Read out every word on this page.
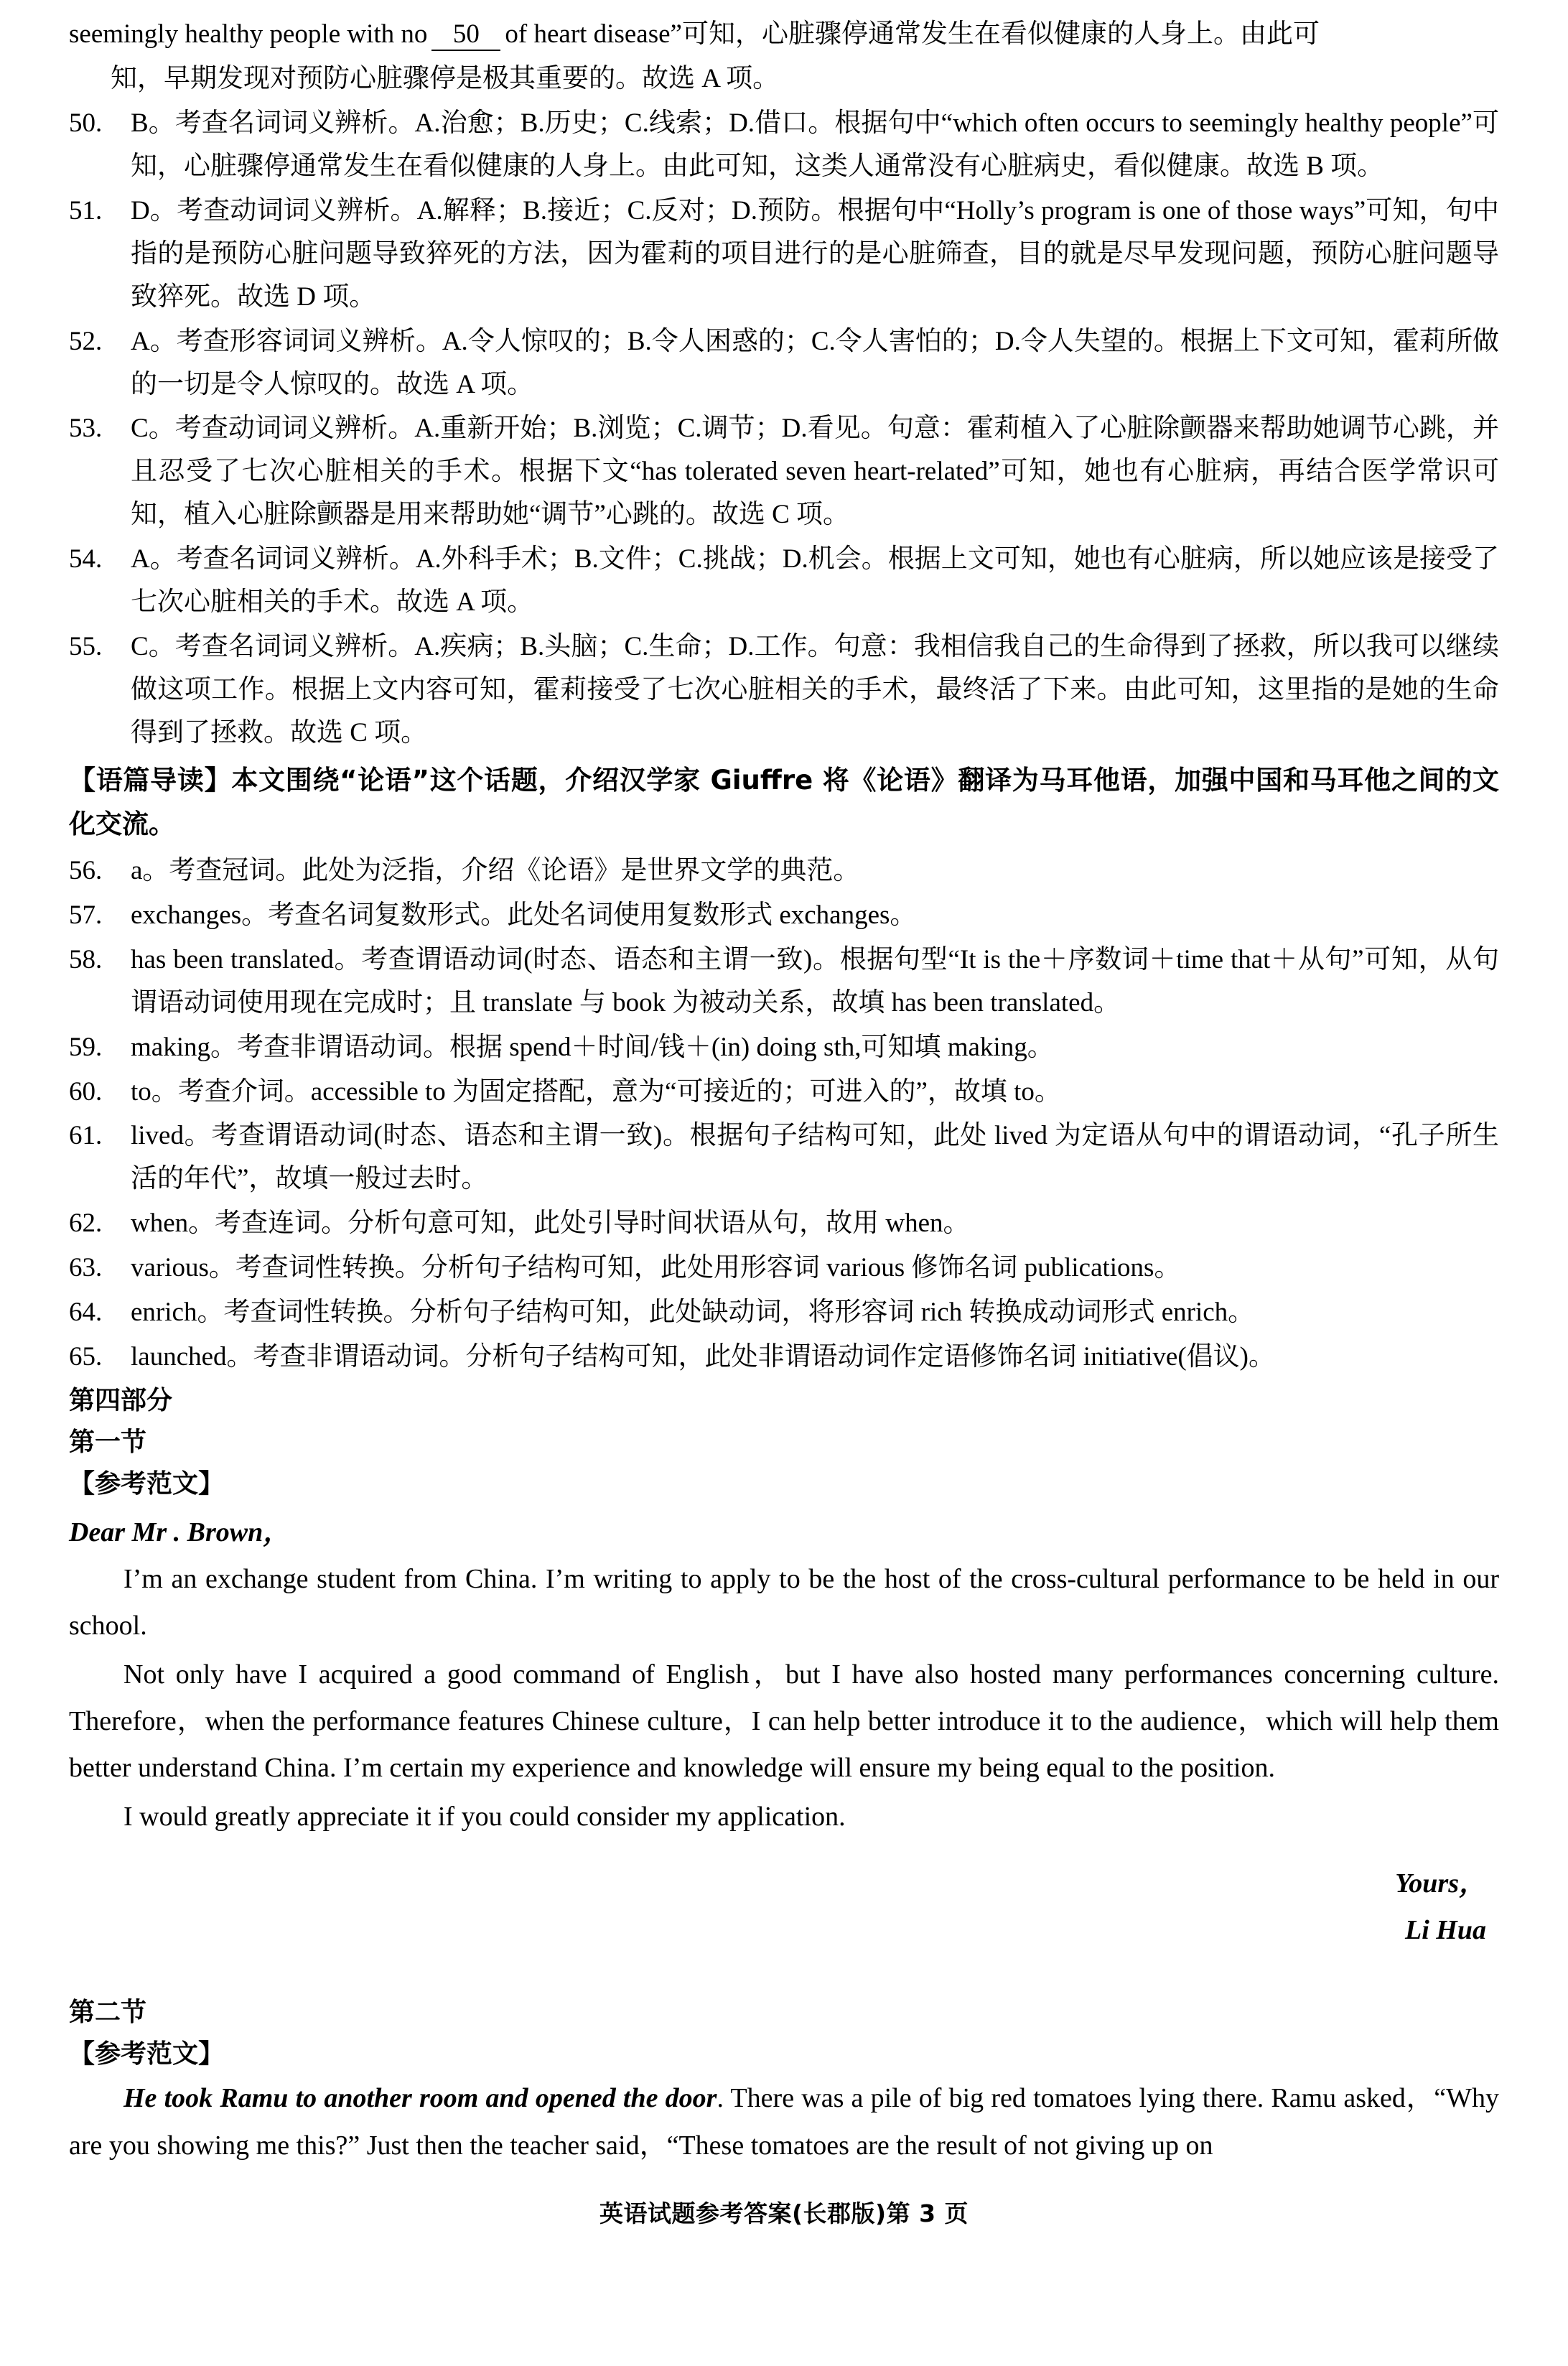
seemingly healthy people with no 50 of heart disease”可知，心脏骤停通常发生在看似健康的人身上。由此可
知，早期发现对预防心脏骤停是极其重要的。故选 A 项。
50.	B。考查名词词义辨析。A.治愈；B.历史；C.线索；D.借口。根据句中“which often occurs to seemingly healthy people”可知，心脏骤停通常发生在看似健康的人身上。由此可知，这类人通常没有心脏病史，看似健康。故选 B 项。
51.	D。考查动词词义辨析。A.解释；B.接近；C.反对；D.预防。根据句中“Holly’s program is one of those ways”可知，句中指的是预防心脏问题导致猝死的方法，因为霍莉的项目进行的是心脏筛查，目的就是尽早发现问题，预防心脏问题导致猝死。故选 D 项。
52.	A。考查形容词词义辨析。A.令人惊叹的；B.令人困惑的；C.令人害怕的；D.令人失望的。根据上下文可知，霍莉所做的一切是令人惊叹的。故选 A 项。
53.	C。考查动词词义辨析。A.重新开始；B.浏览；C.调节；D.看见。句意：霍莉植入了心脏除颤器来帮助她调节心跳，并且忍受了七次心脏相关的手术。根据下文“has tolerated seven heart-related”可知，她也有心脏病，再结合医学常识可知，植入心脏除颤器是用来帮助她“调节”心跳的。故选 C 项。
54.	A。考查名词词义辨析。A.外科手术；B.文件；C.挑战；D.机会。根据上文可知，她也有心脏病，所以她应该是接受了七次心脏相关的手术。故选 A 项。
55.	C。考查名词词义辨析。A.疾病；B.头脑；C.生命；D.工作。句意：我相信我自己的生命得到了拯救，所以我可以继续做这项工作。根据上文内容可知，霍莉接受了七次心脏相关的手术，最终活了下来。由此可知，这里指的是她的生命得到了拯救。故选 C 项。
【语篇导读】本文围绕“论语”这个话题，介绍汉学家 Giuffre 将《论语》翻译为马耳他语，加强中国和马耳他之间的文化交流。
56.	a。考查冠词。此处为泛指，介绍《论语》是世界文学的典范。
57.	exchanges。考查名词复数形式。此处名词使用复数形式 exchanges。
58.	has been translated。考查谓语动词(时态、语态和主谓一致)。根据句型“It is the＋序数词＋time that＋从句”可知，从句谓语动词使用现在完成时；且 translate 与 book 为被动关系，故填 has been translated。
59.	making。考查非谓语动词。根据 spend＋时间/钱＋(in) doing sth,可知填 making。
60.	to。考查介词。accessible to 为固定搭配，意为“可接近的；可进入的”，故填 to。
61.	lived。考查谓语动词(时态、语态和主谓一致)。根据句子结构可知，此处 lived 为定语从句中的谓语动词，“孔子所生活的年代”，故填一般过去时。
62.	when。考查连词。分析句意可知，此处引导时间状语从句，故用 when。
63.	various。考查词性转换。分析句子结构可知，此处用形容词 various 修饰名词 publications。
64.	enrich。考查词性转换。分析句子结构可知，此处缺动词，将形容词 rich 转换成动词形式 enrich。
65.	launched。考查非谓语动词。分析句子结构可知，此处非谓语动词作定语修饰名词 initiative(倡议)。
第四部分
第一节
【参考范文】
Dear Mr . Brown，
I’m an exchange student from China. I’m writing to apply to be the host of the cross-cultural performance to be held in our school.
Not only have I acquired a good command of English，but I have also hosted many performances concerning culture. Therefore，when the performance features Chinese culture，I can help better introduce it to the audience，which will help them better understand China. I’m certain my experience and knowledge will ensure my being equal to the position.
I would greatly appreciate it if you could consider my application.
Yours，
Li Hua
第二节
【参考范文】
He took Ramu to another room and opened the door. There was a pile of big red tomatoes lying there. Ramu asked，“Why are you showing me this?” Just then the teacher said，“These tomatoes are the result of not giving up on
英语试题参考答案(长郡版)第 3 页
